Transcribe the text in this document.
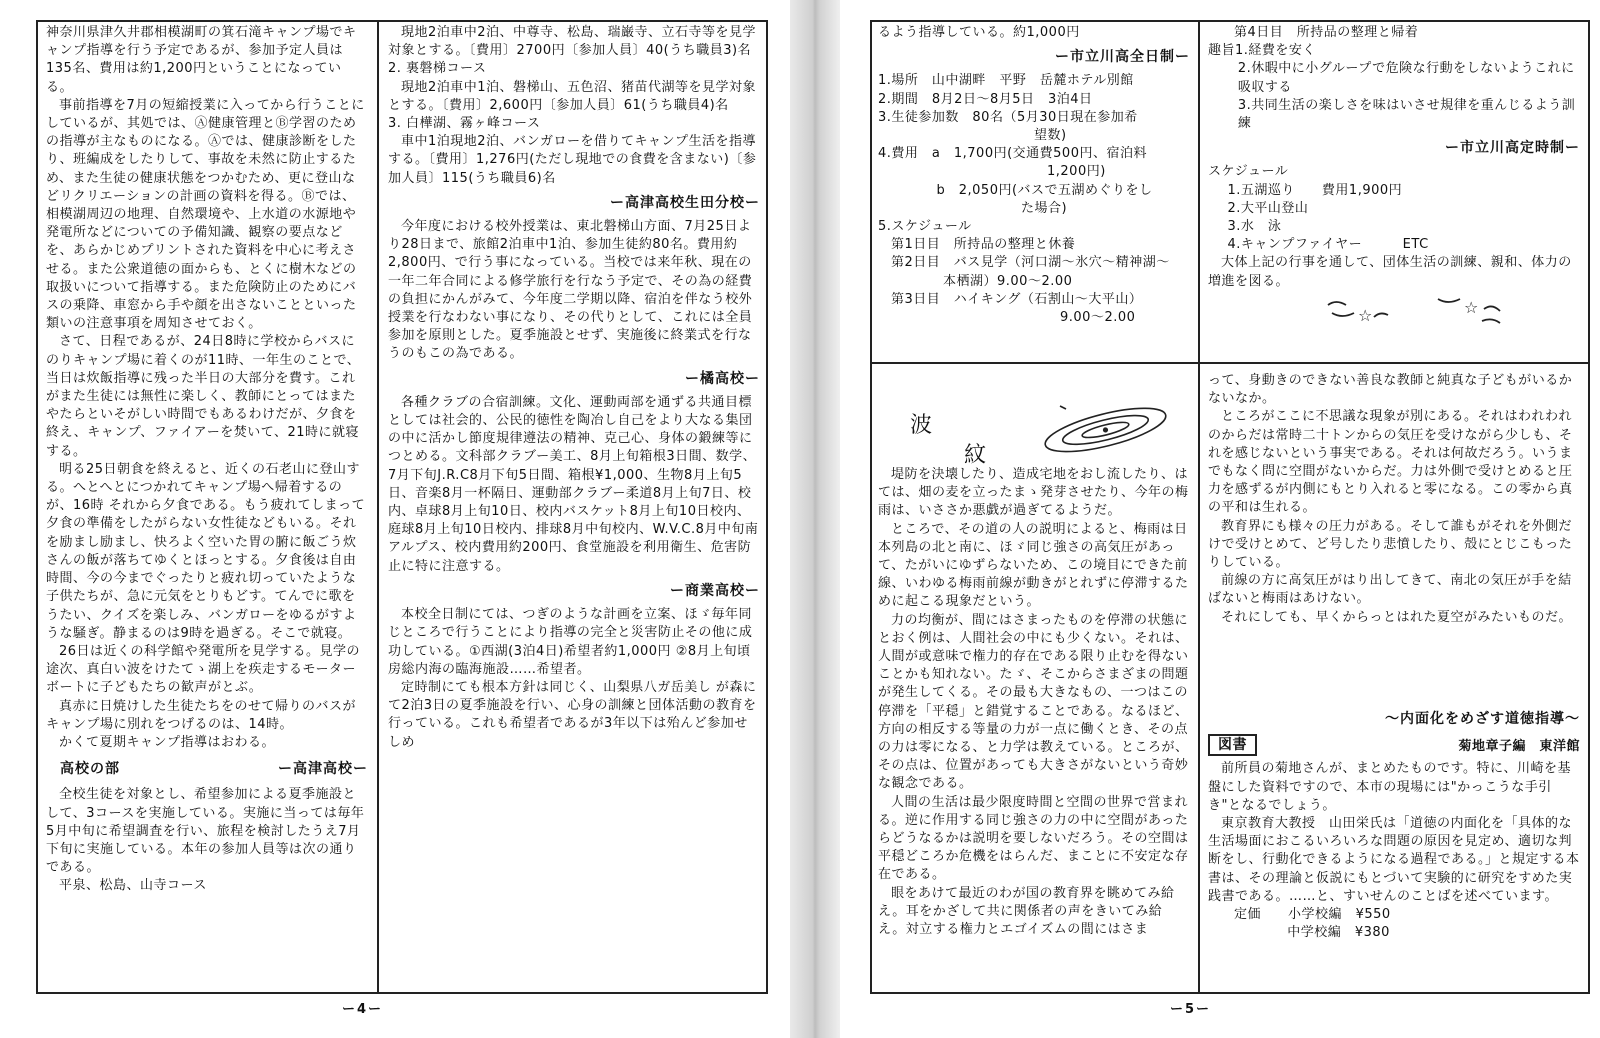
神奈川県津久井郡相模湖町の箕石滝キャンプ場でキャンプ指導を行う予定であるが、参加予定人員は135名、費用は約1,200円ということになっている。

事前指導を7月の短縮授業に入ってから行うことにしているが、其処では、Ⓐ健康管理とⒷ学習のための指導が主なものになる。Ⓐでは、健康診断をしたり、班編成をしたりして、事故を未然に防止するため、また生徒の健康状態をつかむため、更に登山などリクリエーションの計画の資料を得る。Ⓑでは、相模湖周辺の地理、自然環境や、上水道の水源地や発電所などについての予備知識、観察の要点などを、あらかじめプリントされた資料を中心に考えさせる。また公衆道徳の面からも、とくに樹木などの取扱いについて指導する。また危険防止のためにバスの乗降、車窓から手や顔を出さないことといった類いの注意事項を周知させておく。

さて、日程であるが、24日8時に学校からバスにのりキャンプ場に着くのが11時、一年生のことで、当日は炊飯指導に残った半日の大部分を費す。これがまた生徒には無性に楽しく、教師にとってはまたやたらといそがしい時間でもあるわけだが、夕食を終え、キャンプ、ファイアーを焚いて、21時に就寝する。

明る25日朝食を終えると、近くの石老山に登山する。へとへとにつかれてキャンプ場へ帰着するのが、16時 それから夕食である。もう疲れてしまって夕食の準備をしたがらない女性徒などもいる。それを励まし励まし、快ろよく空いた胃の腑に飯ごう炊さんの飯が落ちてゆくとほっとする。夕食後は自由時間、今の今までぐったりと疲れ切っていたような子供たちが、急に元気をとりもどす。てんでに歌をうたい、クイズを楽しみ、バンガローをゆるがすような騒ぎ。静まるのは9時を過ぎる。そこで就寝。

26日は近くの科学館や発電所を見学する。見学の途次、真白い波をけたてゝ湖上を疾走するモーターボートに子どもたちの歓声がとぶ。

真赤に日焼けした生徒たちをのせて帰りのバスがキャンプ場に別れをつげるのは、14時。

かくて夏期キャンプ指導はおわる。

高校の部	ー高津高校ー

全校生徒を対象とし、希望参加による夏季施設として、3コースを実施している。実施に当っては毎年5月中旬に希望調査を行い、旅程を検討したうえ7月下旬に実施している。本年の参加人員等は次の通りである。

平泉、松島、山寺コース

現地2泊車中2泊、中尊寺、松島、瑞巌寺、立石寺等を見学対象とする。〔費用〕2700円〔参加人員〕40(うち職員3)名

2. 裏磐梯コース

現地2泊車中1泊、磐梯山、五色沼、猪苗代湖等を見学対象とする。〔費用〕2,600円〔参加人員〕61(うち職員4)名

3. 白樺湖、霧ヶ峰コース

車中1泊現地2泊、バンガローを借りてキャンプ生活を指導する。〔費用〕1,276円(ただし現地での食費を含まない)〔参加人員〕115(うち職員6)名

ー高津高校生田分校ー

今年度における校外授業は、東北磐梯山方面、7月25日より28日まで、旅館2泊車中1泊、参加生徒約80名。費用約2,800円、で行う事になっている。当校では来年秋、現在の一年二年合同による修学旅行を行なう予定で、その為の経費の負担にかんがみて、今年度二学期以降、宿泊を伴なう校外授業を行なわない事になり、その代りとして、これには全員参加を原則とした。夏季施設とせず、実施後に終業式を行なうのもこの為である。

ー橘高校ー

各種クラブの合宿訓練。文化、運動両部を通ずる共通目標としては社会的、公民的徳性を陶冶し自己をより大なる集団の中に活かし節度規律遵法の精神、克己心、身体の鍛練等につとめる。文科部クラブー美工、8月上旬箱根3日間、数学、7月下旬J.R.C8月下旬5日間、箱根¥1,000、生物8月上旬5日、音楽8月一杯隔日、運動部クラブー柔道8月上旬7日、校内、卓球8月上旬10日、校内バスケット8月上旬10日校内、庭球8月上旬10日校内、排球8月中旬校内、W.V.C.8月中旬南アルプス、校内費用約200円、食堂施設を利用衛生、危害防止に特に注意する。

ー商業高校ー

本校全日制にては、つぎのような計画を立案、ほゞ毎年同じところで行うことにより指導の完全と災害防止その他に成功している。①西湖(3泊4日)希望者約1,000円 ②8月上旬頃房総内海の臨海施設……希望者。

定時制にても根本方針は同じく、山梨県八ガ岳美し が森にて2泊3日の夏季施設を行い、心身の訓練と団体活動の教育を行っている。これも希望者であるが3年以下は殆んど参加せしめ

ー4ー

るよう指導している。約1,000円

ー市立川高全日制ー

1.場所　山中湖畔　平野　岳麓ホテル別館

2.期間　8月2日〜8月5日　3泊4日

3.生徒参加数　80名（5月30日現在参加希

望数)

4.費用　a　1,700円(交通費500円、宿泊料

1,200円)

b　2,050円(バスで五湖めぐりをし

た場合)

5.スケジュール

第1日目　所持品の整理と休養

第2日目　バス見学（河口湖〜氷穴〜精神湖〜

本栖湖）9.00〜2.00

第3日目　ハイキング（石割山〜大平山）

9.00〜2.00

第4日目　所持品の整理と帰着

趣旨1.経費を安く

2.休暇中に小グループで危険な行動をしないようこれに吸収する

3.共同生活の楽しさを味はいさせ規律を重んじるよう訓練

ー市立川高定時制ー

スケジュール

1.五湖巡り　　 費用1,900円

2.大平山登山

3.水　泳

4.キャンプファイヤー　　　	ETC

大体上記の行事を通して、団体生活の訓練、親和、体力の増進を図る。

☆	☆
波
紋

堤防を決壊したり、造成宅地をおし流したり、はては、畑の麦を立ったまゝ発芽させたり、今年の梅雨は、いささか悪戯が過ぎてるようだ。

ところで、その道の人の説明によると、梅雨は日本列島の北と南に、ほゞ同じ強さの高気圧があって、たがいにゆずらないため、この境目にできた前線、いわゆる梅雨前線が動きがとれずに停滞するために起こる現象だという。

力の均衡が、間にはさまったものを停滞の状態にとおく例は、人間社会の中にも少くない。それは、人間が或意味で権力的存在である限り止むを得ないことかも知れない。たゞ、そこからさまざまの問題が発生してくる。その最も大きなもの、一つはこの停滞を「平穏」と錯覚することである。なるほど、方向の相反する等量の力が一点に働くとき、その点の力は零になる、と力学は教えている。ところが、その点は、位置があっても大きさがないという奇妙な観念である。

人間の生活は最少限度時間と空間の世界で営まれる。逆に作用する同じ強さの力の中に空間があったらどうなるかは説明を要しないだろう。その空間は平穏どころか危機をはらんだ、まことに不安定な存在である。

眼をあけて最近のわが国の教育界を眺めてみ給え。耳をかざして共に関係者の声をきいてみ給え。対立する権力とエゴイズムの間にはさま

って、身動きのできない善良な教師と純真な子どもがいるかないなか。

ところがここに不思議な現象が別にある。それはわれわれのからだは常時二十トンからの気圧を受けながら少しも、それを感じないという事実である。それは何故だろう。いうまでもなく問に空間がないからだ。力は外側で受けとめると圧力を感ずるが内側にもとり入れると零になる。この零から真の平和は生れる。

教育界にも様々の圧力がある。そして誰もがそれを外側だけで受けとめて、ど号したり悲憤したり、殻にとじこもったりしている。

前線の方に高気圧がはり出してきて、南北の気圧が手を結ばないと梅雨はあけない。

それにしても、早くからっとはれた夏空がみたいものだ。

〜内面化をめざす道徳指導〜

図書	菊地章子編　東洋館

前所員の菊地さんが、まとめたものです。特に、川崎を基盤にした資料ですので、本市の現場には"かっこうな手引き"となるでしょう。

東京教育大教授　山田栄氏は「道徳の内面化を「具体的な生活場面におこるいろいろな問題の原因を見定め、適切な判断をし、行動化できるようになる過程である。」と規定する本書は、その理論と仮説にもとづいて実験的に研究をすめた実践書である。……と、すいせんのことばを述べています。

定価　　 小学校編　 ¥550

中学校編　 ¥380

ー5ー
